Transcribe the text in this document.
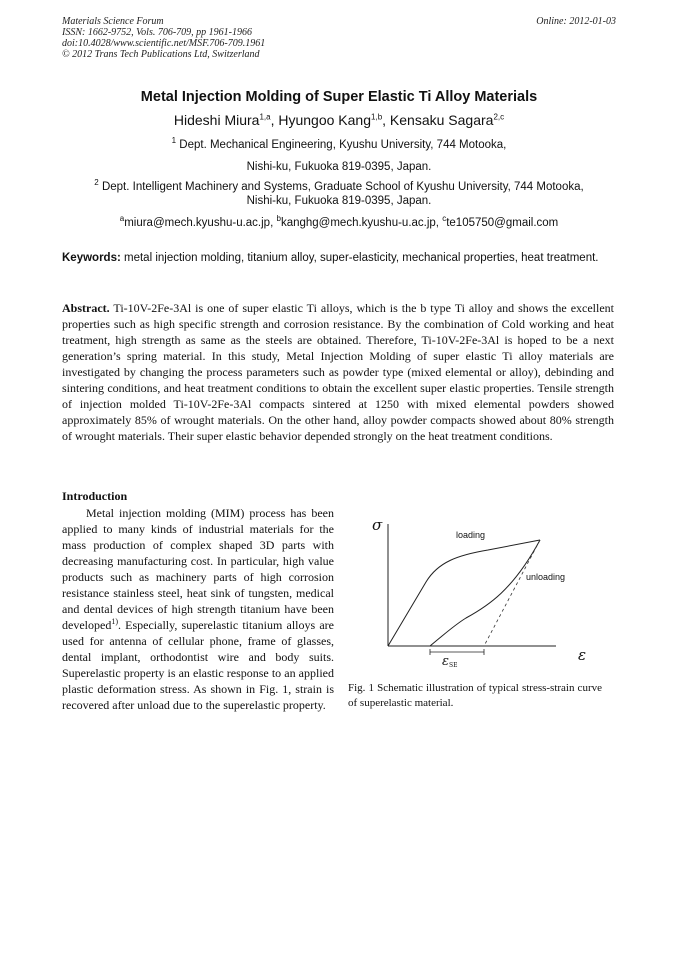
Materials Science Forum
ISSN: 1662-9752, Vols. 706-709, pp 1961-1966
doi:10.4028/www.scientific.net/MSF.706-709.1961
© 2012 Trans Tech Publications Ltd, Switzerland
Online: 2012-01-03
Metal Injection Molding of Super Elastic Ti Alloy Materials
Hideshi Miura$^{1,a}$, Hyungoo Kang$^{1,b}$, Kensaku Sagara$^{2,c}$
$^1$ Dept. Mechanical Engineering, Kyushu University, 744 Motooka,
Nishi-ku, Fukuoka 819-0395, Japan.
$^2$ Dept. Intelligent Machinery and Systems, Graduate School of Kyushu University, 744 Motooka,
Nishi-ku, Fukuoka 819-0395, Japan.
$^a$miura@mech.kyushu-u.ac.jp, $^b$kanghg@mech.kyushu-u.ac.jp, $^c$te105750@gmail.com
Keywords: metal injection molding, titanium alloy, super-elasticity, mechanical properties, heat treatment.
Abstract. Ti-10V-2Fe-3Al is one of super elastic Ti alloys, which is the b type Ti alloy and shows the excellent properties such as high specific strength and corrosion resistance. By the combination of Cold working and heat treatment, high strength as same as the steels are obtained. Therefore, Ti-10V-2Fe-3Al is hoped to be a next generation’s spring material. In this study, Metal Injection Molding of super elastic Ti alloy materials are investigated by changing the process parameters such as powder type (mixed elemental or alloy), debinding and sintering conditions, and heat treatment conditions to obtain the excellent super elastic properties. Tensile strength of injection molded Ti-10V-2Fe-3Al compacts sintered at 1250 with mixed elemental powders showed approximately 85% of wrought materials. On the other hand, alloy powder compacts showed about 80% strength of wrought materials. Their super elastic behavior depended strongly on the heat treatment conditions.
Introduction
Metal injection molding (MIM) process has been applied to many kinds of industrial materials for the mass production of complex shaped 3D parts with decreasing manufacturing cost. In particular, high value products such as machinery parts of high corrosion resistance stainless steel, heat sink of tungsten, medical and dental devices of high strength titanium have been developed$^{1)}$. Especially, superelastic titanium alloys are used for antenna of cellular phone, frame of glasses, dental implant, orthodontist wire and body suits. Superelastic property is an elastic response to an applied plastic deformation stress. As shown in Fig. 1, strain is recovered after unload due to the superelastic property.
σ
ε
loading
unloading
εSE
Fig. 1 Schematic illustration of typical stress-strain curve of superelastic material.
